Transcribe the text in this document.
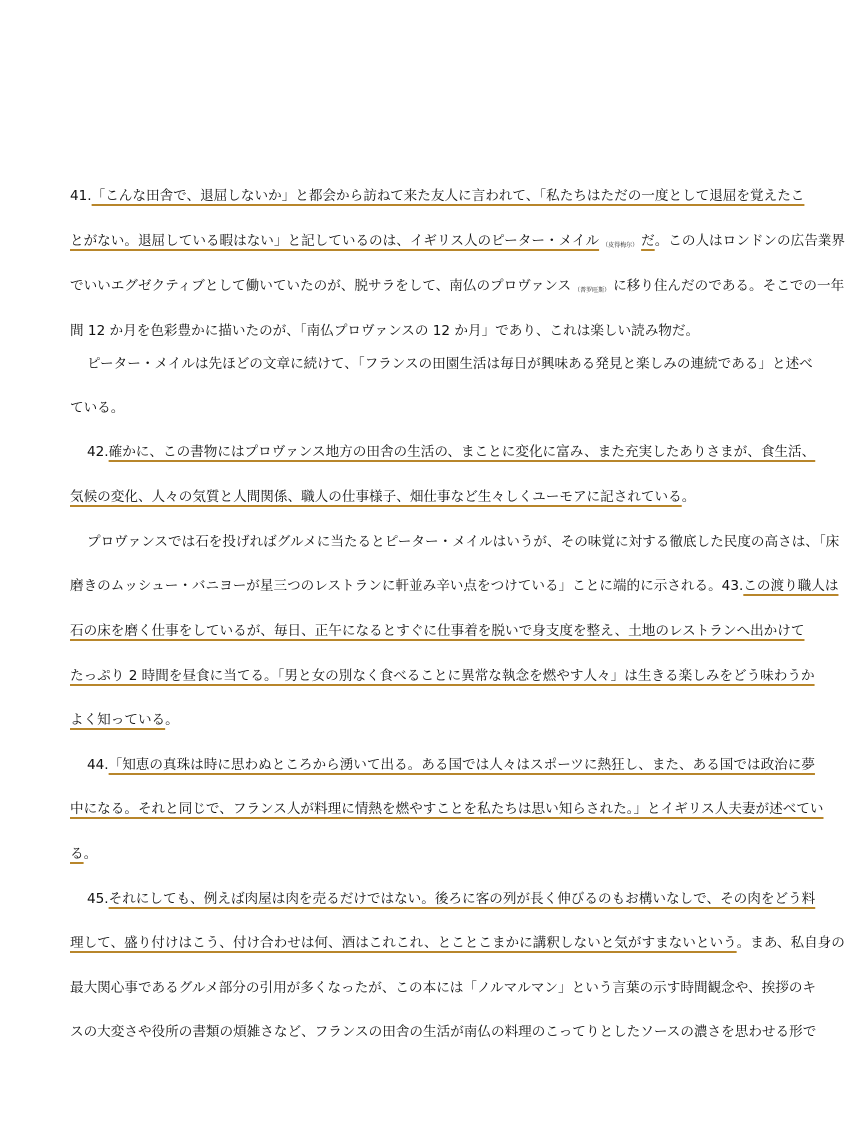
41.「こんな田舎で、退屈しないか」と都会から訪ねて来た友人に言われて、「私たちはただの一度として退屈を覚えたこ
とがない。退屈している暇はない」と記しているのは、イギリス人のピーター・メイル （皮得梅尔） だ。この人はロンドンの広告業界
でいいエグゼクティブとして働いていたのが、脱サラをして、南仏のプロヴァンス （普罗旺斯） に移り住んだのである。そこでの一年
間 12 か月を色彩豊かに描いたのが、「南仏プロヴァンスの 12 か月」であり、これは楽しい読み物だ。
ピーター・メイルは先ほどの文章に続けて、「フランスの田園生活は毎日が興味ある発見と楽しみの連続である」と述べ
ている。
42.確かに、この書物にはプロヴァンス地方の田舎の生活の、まことに変化に富み、また充実したありさまが、食生活、
気候の変化、人々の気質と人間関係、職人の仕事様子、畑仕事など生々しくユーモアに記されている。
プロヴァンスでは石を投げればグルメに当たるとピーター・メイルはいうが、その味覚に対する徹底した民度の高さは、「床
磨きのムッシュー・バニヨーが星三つのレストランに軒並み辛い点をつけている」ことに端的に示される。43.この渡り職人は
石の床を磨く仕事をしているが、毎日、正午になるとすぐに仕事着を脱いで身支度を整え、土地のレストランへ出かけて
たっぷり 2 時間を昼食に当てる。「男と女の別なく食べることに異常な執念を燃やす人々」は生きる楽しみをどう味わうか
よく知っている。
44.「知恵の真珠は時に思わぬところから湧いて出る。ある国では人々はスポーツに熱狂し、また、ある国では政治に夢
中になる。それと同じで、フランス人が料理に情熱を燃やすことを私たちは思い知らされた。」とイギリス人夫妻が述べてい
る。
45.それにしても、例えば肉屋は肉を売るだけではない。後ろに客の列が長く伸びるのもお構いなしで、その肉をどう料
理して、盛り付けはこう、付け合わせは何、酒はこれこれ、とことこまかに講釈しないと気がすまないという。まあ、私自身の
最大関心事であるグルメ部分の引用が多くなったが、この本には「ノルマルマン」という言葉の示す時間観念や、挨拶のキ
スの大変さや役所の書類の煩雑さなど、フランスの田舎の生活が南仏の料理のこってりとしたソースの濃さを思わせる形で
